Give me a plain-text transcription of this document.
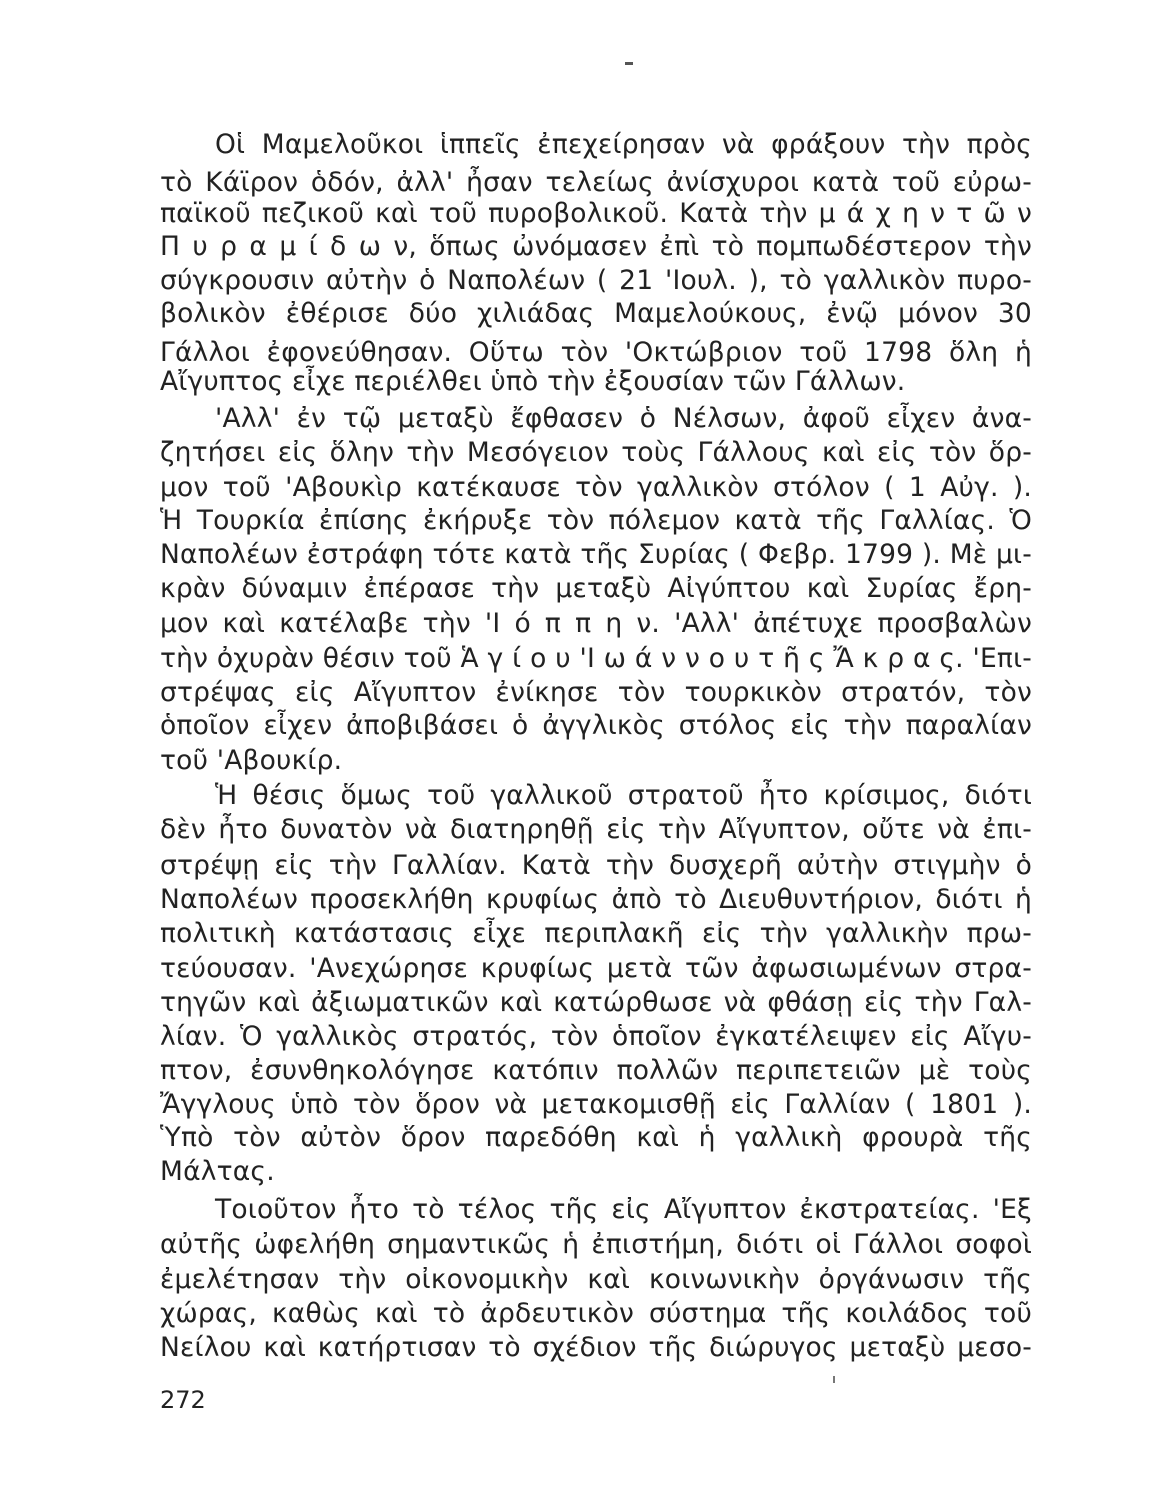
Οἱ Μαμελοῦκοι ἱππεῖς ἐπεχείρησαν νὰ φράξουν τὴν πρὸς
τὸ Κάϊρον ὁδόν, ἀλλ' ἦσαν τελείως ἀνίσχυροι κατὰ τοῦ εὐρω-
παϊκοῦ πεζικοῦ καὶ τοῦ πυροβολικοῦ. Κατὰ τὴν μ ά χ η ν τ ῶ ν
Π υ ρ α μ ί δ ω ν, ὅπως ὠνόμασεν ἐπὶ τὸ πομπωδέστερον τὴν
σύγκρουσιν αὐτὴν ὁ Ναπολέων ( 21 'Ιουλ. ), τὸ γαλλικὸν πυρο-
βολικὸν ἐθέρισε δύο χιλιάδας Μαμελούκους, ἐνῷ μόνον 30
Γάλλοι ἐφονεύθησαν. Οὕτω τὸν 'Οκτώβριον τοῦ 1798 ὅλη ἡ
Αἴγυπτος εἶχε περιέλθει ὑπὸ τὴν ἐξουσίαν τῶν Γάλλων.
'Αλλ' ἐν τῷ μεταξὺ ἔφθασεν ὁ Νέλσων, ἀφοῦ εἶχεν ἀνα-
ζητήσει εἰς ὅλην τὴν Μεσόγειον τοὺς Γάλλους καὶ εἰς τὸν ὅρ-
μον τοῦ 'Αβουκὶρ κατέκαυσε τὸν γαλλικὸν στόλον ( 1 Αὐγ. ).
Ἡ Τουρκία ἐπίσης ἐκήρυξε τὸν πόλεμον κατὰ τῆς Γαλλίας. Ὁ
Ναπολέων ἐστράφη τότε κατὰ τῆς Συρίας ( Φεβρ. 1799 ). Μὲ μι-
κρὰν δύναμιν ἐπέρασε τὴν μεταξὺ Αἰγύπτου καὶ Συρίας ἔρη-
μον καὶ κατέλαβε τὴν 'Ι ό π π η ν. 'Αλλ' ἀπέτυχε προσβαλὼν
τὴν ὀχυρὰν θέσιν τοῦ Ἁ γ ί ο υ 'Ι ω ά ν ν ο υ τ ῆ ς Ἄ κ ρ α ς. 'Επι-
στρέψας εἰς Αἴγυπτον ἐνίκησε τὸν τουρκικὸν στρατόν, τὸν
ὁποῖον εἶχεν ἀποβιβάσει ὁ ἀγγλικὸς στόλος εἰς τὴν παραλίαν
τοῦ 'Αβουκίρ.
Ἡ θέσις ὅμως τοῦ γαλλικοῦ στρατοῦ ἦτο κρίσιμος, διότι
δὲν ἦτο δυνατὸν νὰ διατηρηθῇ εἰς τὴν Αἴγυπτον, οὔτε νὰ ἐπι-
στρέψῃ εἰς τὴν Γαλλίαν. Κατὰ τὴν δυσχερῆ αὐτὴν στιγμὴν ὁ
Ναπολέων προσεκλήθη κρυφίως ἀπὸ τὸ Διευθυντήριον, διότι ἡ
πολιτικὴ κατάστασις εἶχε περιπλακῆ εἰς τὴν γαλλικὴν πρω-
τεύουσαν. 'Ανεχώρησε κρυφίως μετὰ τῶν ἀφωσιωμένων στρα-
τηγῶν καὶ ἀξιωματικῶν καὶ κατώρθωσε νὰ φθάσῃ εἰς τὴν Γαλ-
λίαν. Ὁ γαλλικὸς στρατός, τὸν ὁποῖον ἐγκατέλειψεν εἰς Αἴγυ-
πτον, ἐσυνθηκολόγησε κατόπιν πολλῶν περιπετειῶν μὲ τοὺς
Ἄγγλους ὑπὸ τὸν ὅρον νὰ μετακομισθῇ εἰς Γαλλίαν ( 1801 ).
Ὑπὸ τὸν αὐτὸν ὅρον παρεδόθη καὶ ἡ γαλλικὴ φρουρὰ τῆς
Μάλτας.
Τοιοῦτον ἦτο τὸ τέλος τῆς εἰς Αἴγυπτον ἐκστρατείας. 'Εξ
αὐτῆς ὠφελήθη σημαντικῶς ἡ ἐπιστήμη, διότι οἱ Γάλλοι σοφοὶ
ἐμελέτησαν τὴν οἰκονομικὴν καὶ κοινωνικὴν ὀργάνωσιν τῆς
χώρας, καθὼς καὶ τὸ ἀρδευτικὸν σύστημα τῆς κοιλάδος τοῦ
Νείλου καὶ κατήρτισαν τὸ σχέδιον τῆς διώρυγος μεταξὺ μεσο-
272
